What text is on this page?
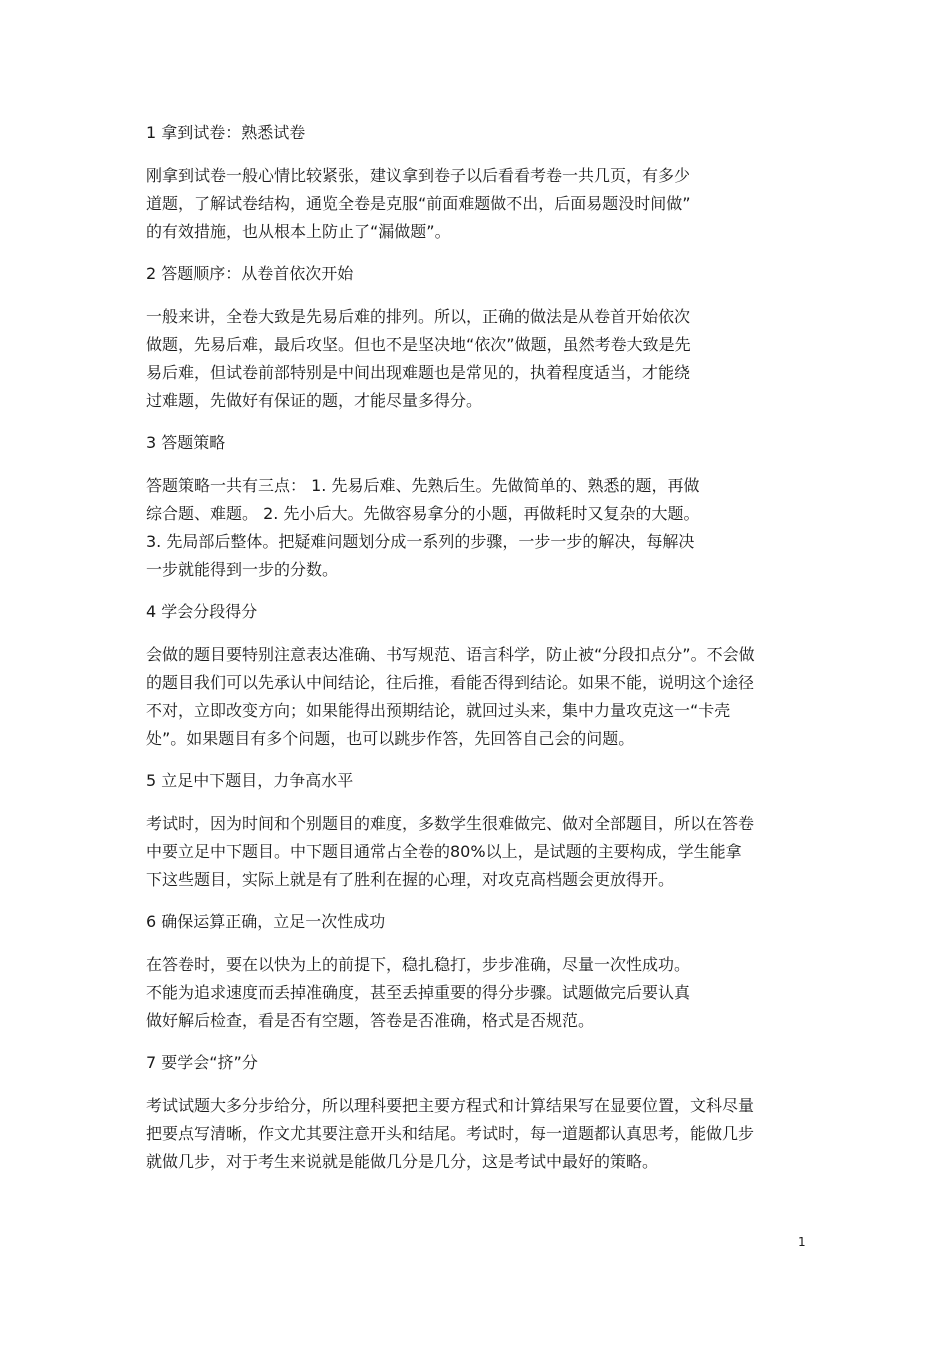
1 拿到试卷：熟悉试卷
刚拿到试卷一般心情比较紧张，建议拿到卷子以后看看考卷一共几页，有多少
道题，了解试卷结构，通览全卷是克服“前面难题做不出，后面易题没时间做”
的有效措施，也从根本上防止了“漏做题”。
2 答题顺序：从卷首依次开始
一般来讲，全卷大致是先易后难的排列。所以，正确的做法是从卷首开始依次
做题，先易后难，最后攻坚。但也不是坚决地“依次”做题，虽然考卷大致是先
易后难，但试卷前部特别是中间出现难题也是常见的，执着程度适当，才能绕
过难题，先做好有保证的题，才能尽量多得分。
3 答题策略
答题策略一共有三点： 1. 先易后难、先熟后生。先做简单的、熟悉的题，再做
综合题、难题。 2. 先小后大。先做容易拿分的小题，再做耗时又复杂的大题。
3. 先局部后整体。把疑难问题划分成一系列的步骤，一步一步的解决，每解决
一步就能得到一步的分数。
4 学会分段得分
会做的题目要特别注意表达准确、书写规范、语言科学，防止被“分段扣点分”。不会做
的题目我们可以先承认中间结论，往后推，看能否得到结论。如果不能，说明这个途径
不对，立即改变方向；如果能得出预期结论，就回过头来，集中力量攻克这一“卡壳
处”。如果题目有多个问题，也可以跳步作答，先回答自己会的问题。
5 立足中下题目，力争高水平
考试时，因为时间和个别题目的难度，多数学生很难做完、做对全部题目，所以在答卷
中要立足中下题目。中下题目通常占全卷的80%以上，是试题的主要构成，学生能拿
下这些题目，实际上就是有了胜利在握的心理，对攻克高档题会更放得开。
6 确保运算正确，立足一次性成功
在答卷时，要在以快为上的前提下，稳扎稳打，步步准确，尽量一次性成功。
不能为追求速度而丢掉准确度，甚至丢掉重要的得分步骤。试题做完后要认真
做好解后检查，看是否有空题，答卷是否准确，格式是否规范。
7 要学会“挤”分
考试试题大多分步给分，所以理科要把主要方程式和计算结果写在显要位置，文科尽量
把要点写清晰，作文尤其要注意开头和结尾。考试时，每一道题都认真思考，能做几步
就做几步，对于考生来说就是能做几分是几分，这是考试中最好的策略。
1
